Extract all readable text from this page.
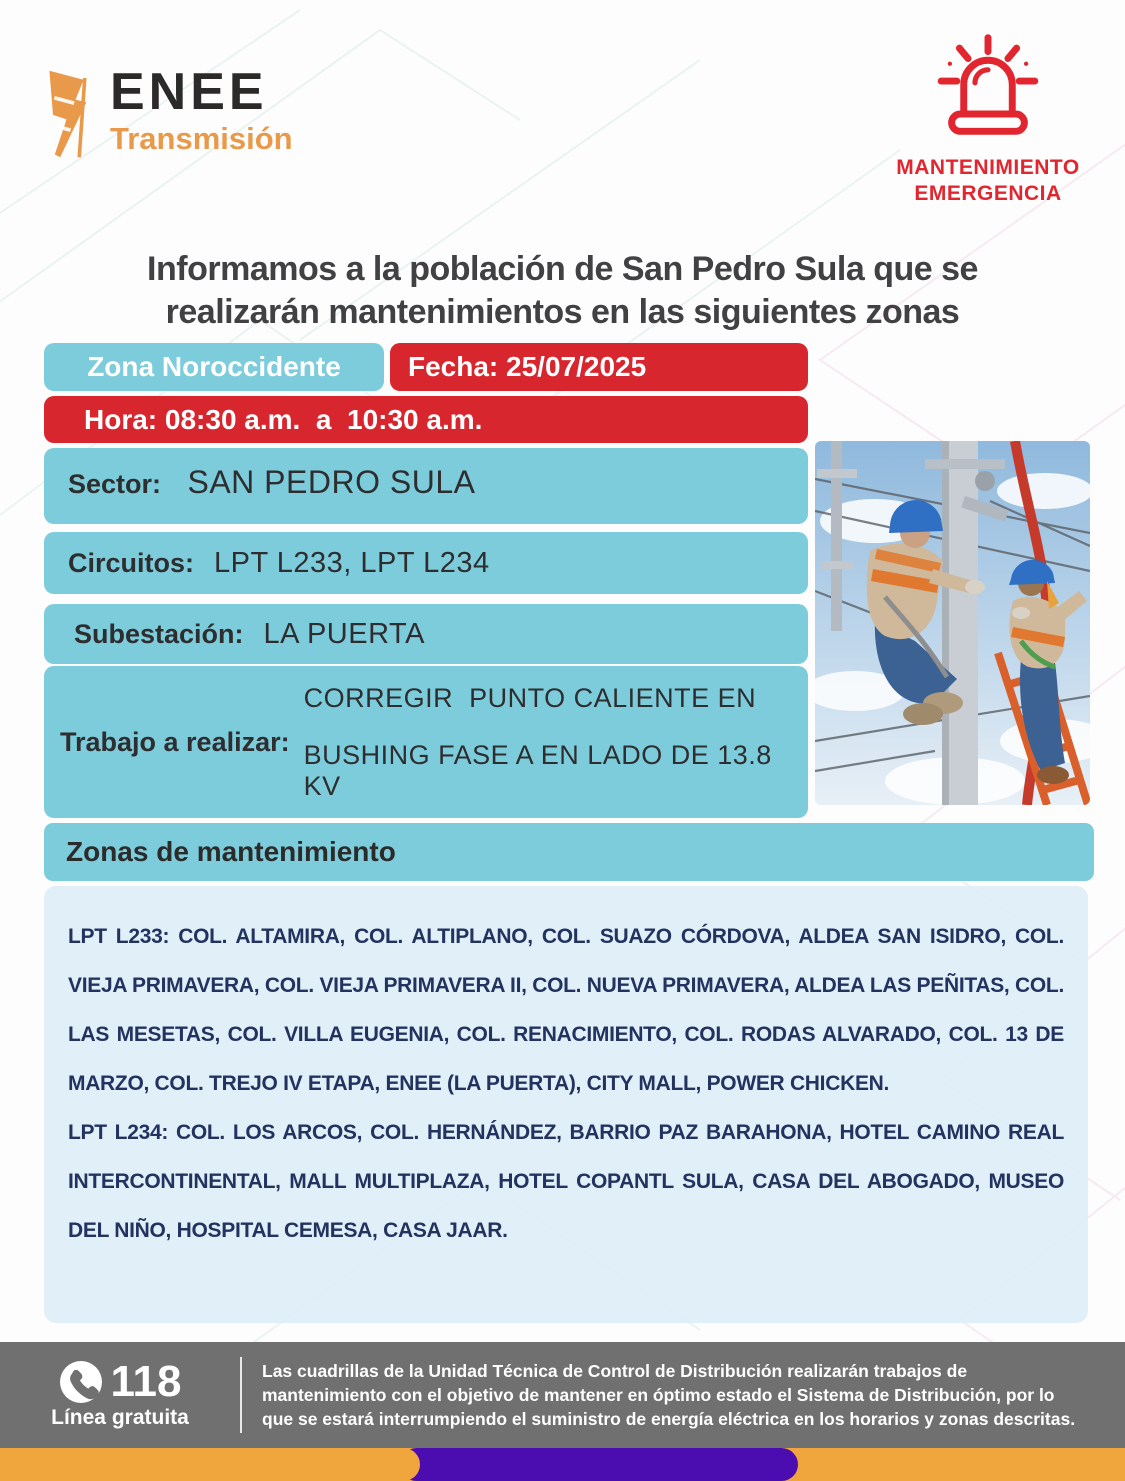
ENEE
Transmisión
MANTENIMIENTO
EMERGENCIA
Informamos a la población de San Pedro Sula que se
realizarán mantenimientos en las siguientes zonas
Zona Noroccidente Fecha:
25/07/2025
Hora:
08:30 a.m.  a  10:30 a.m.
Sector: SAN PEDRO SULA
Circuitos: LPT L233, LPT L234
Subestación: LA PUERTA
Trabajo a realizar:
CORREGIR  PUNTO CALIENTE EN
BUSHING FASE A EN LADO DE 13.8 KV
Zonas de mantenimiento

LPT L233: COL. ALTAMIRA, COL. ALTIPLANO, COL. SUAZO CÓRDOVA, ALDEA SAN ISIDRO, COL. VIEJA PRIMAVERA, COL. VIEJA PRIMAVERA II, COL. NUEVA PRIMAVERA, ALDEA LAS PEÑITAS, COL. LAS MESETAS, COL. VILLA EUGENIA, COL. RENACIMIENTO, COL. RODAS ALVARADO, COL. 13 DE MARZO, COL. TREJO IV ETAPA, ENEE (LA PUERTA), CITY MALL, POWER CHICKEN.

LPT L234: COL. LOS ARCOS, COL. HERNÁNDEZ, BARRIO PAZ BARAHONA, HOTEL CAMINO REAL INTERCONTINENTAL, MALL MULTIPLAZA, HOTEL COPANTL SULA, CASA DEL ABOGADO, MUSEO DEL NIÑO, HOSPITAL CEMESA, CASA JAAR.

118
Línea gratuita
Las cuadrillas de la Unidad Técnica de Control de Distribución realizarán trabajos de mantenimiento con el objetivo de mantener en óptimo estado el Sistema de Distribución, por lo que se estará interrumpiendo el suministro de energía eléctrica en los horarios y zonas descritas.
